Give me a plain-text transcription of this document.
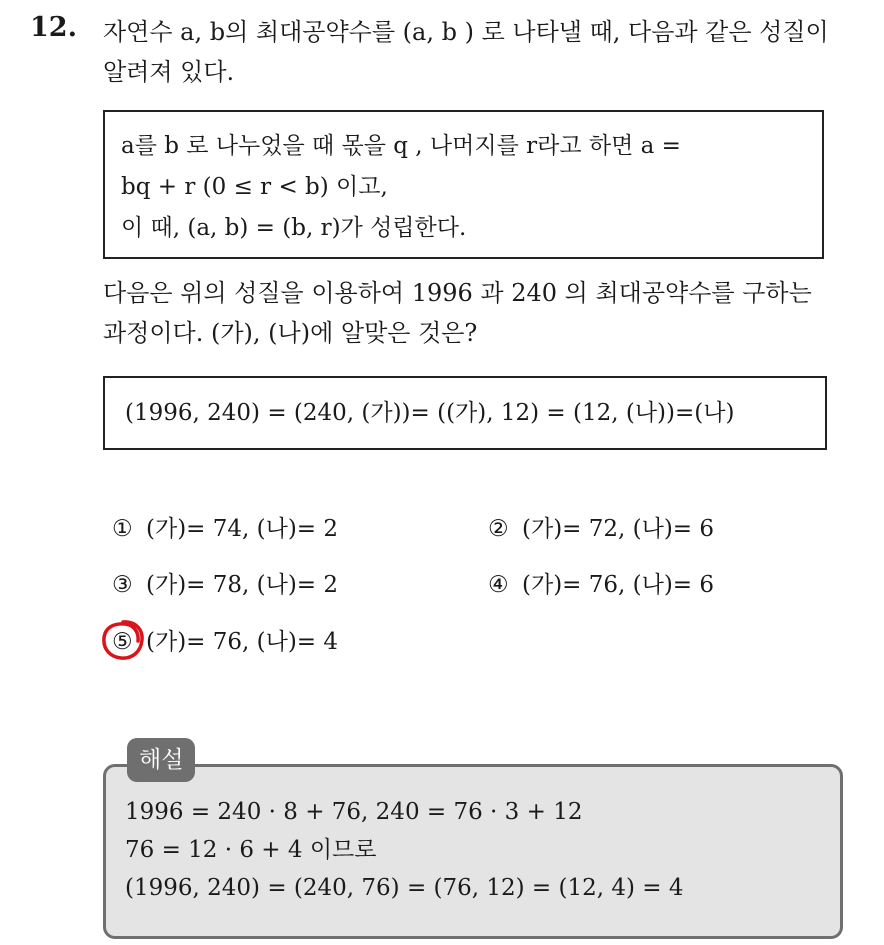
12. 자연수 a, b의 최대공약수를 (a, b ) 로 나타낼 때, 다음과 같은 성질이
알려져 있다.
a를 b 로 나누었을 때 몫을 q , 나머지를 r라고 하면 a =
bq + r (0 ≤ r < b) 이고,
이 때, (a, b) = (b, r)가 성립한다.
다음은 위의 성질을 이용하여 1996 과 240 의 최대공약수를 구하는
과정이다. (가), (나)에 알맞은 것은?
(1996, 240) = (240, (가))= ((가), 12) = (12, (나))=(나)
① (가)= 74, (나)= 2	② (가)= 72, (나)= 6
③ (가)= 78, (나)= 2	④ (가)= 76, (나)= 6
⑤ (가)= 76, (나)= 4
해설
1996 = 240 · 8 + 76, 240 = 76 · 3 + 12
76 = 12 · 6 + 4 이므로
(1996, 240) = (240, 76) = (76, 12) = (12, 4) = 4
